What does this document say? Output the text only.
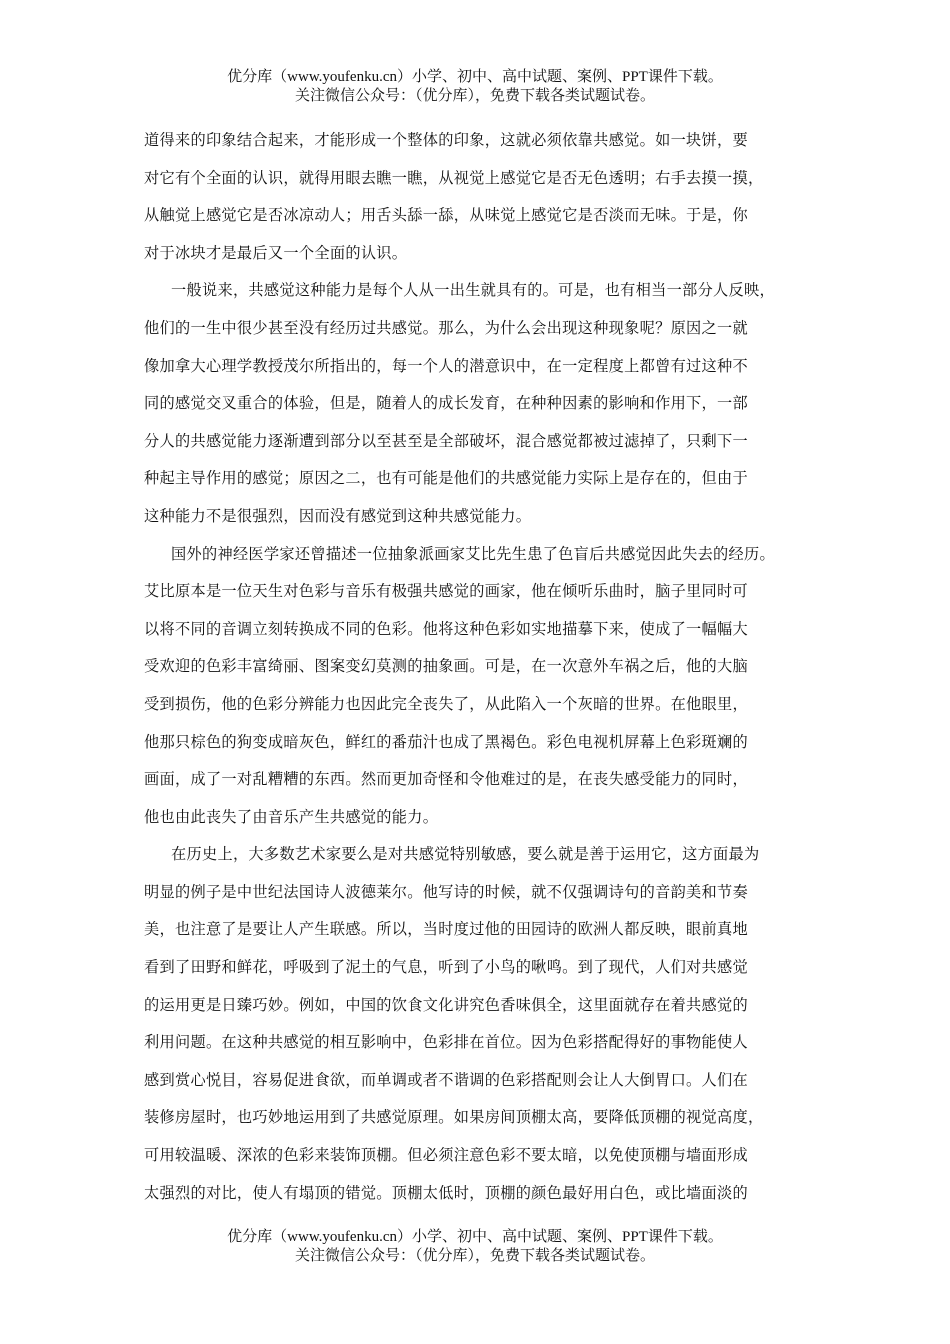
优分库（www.youfenku.cn）小学、初中、高中试题、案例、PPT课件下载。
关注微信公众号：（优分库），免费下载各类试题试卷。
道得来的印象结合起来，才能形成一个整体的印象，这就必须依靠共感觉。如一块饼，要
对它有个全面的认识，就得用眼去瞧一瞧，从视觉上感觉它是否无色透明；右手去摸一摸，
从触觉上感觉它是否冰凉动人；用舌头舔一舔，从味觉上感觉它是否淡而无味。于是，你
对于冰块才是最后又一个全面的认识。
一般说来，共感觉这种能力是每个人从一出生就具有的。可是，也有相当一部分人反映，
他们的一生中很少甚至没有经历过共感觉。那么，为什么会出现这种现象呢？原因之一就
像加拿大心理学教授茂尔所指出的，每一个人的潜意识中，在一定程度上都曾有过这种不
同的感觉交叉重合的体验，但是，随着人的成长发育，在种种因素的影响和作用下，一部
分人的共感觉能力逐渐遭到部分以至甚至是全部破坏，混合感觉都被过滤掉了，只剩下一
种起主导作用的感觉；原因之二，也有可能是他们的共感觉能力实际上是存在的，但由于
这种能力不是很强烈，因而没有感觉到这种共感觉能力。
国外的神经医学家还曾描述一位抽象派画家艾比先生患了色盲后共感觉因此失去的经历。
艾比原本是一位天生对色彩与音乐有极强共感觉的画家，他在倾听乐曲时，脑子里同时可
以将不同的音调立刻转换成不同的色彩。他将这种色彩如实地描摹下来，使成了一幅幅大
受欢迎的色彩丰富绮丽、图案变幻莫测的抽象画。可是，在一次意外车祸之后，他的大脑
受到损伤，他的色彩分辨能力也因此完全丧失了，从此陷入一个灰暗的世界。在他眼里，
他那只棕色的狗变成暗灰色，鲜红的番茄汁也成了黑褐色。彩色电视机屏幕上色彩斑斓的
画面，成了一对乱糟糟的东西。然而更加奇怪和令他难过的是，在丧失感受能力的同时，
他也由此丧失了由音乐产生共感觉的能力。
在历史上，大多数艺术家要么是对共感觉特别敏感，要么就是善于运用它，这方面最为
明显的例子是中世纪法国诗人波德莱尔。他写诗的时候，就不仅强调诗句的音韵美和节奏
美，也注意了是要让人产生联感。所以，当时度过他的田园诗的欧洲人都反映，眼前真地
看到了田野和鲜花，呼吸到了泥土的气息，听到了小鸟的啾鸣。到了现代，人们对共感觉
的运用更是日臻巧妙。例如，中国的饮食文化讲究色香味俱全，这里面就存在着共感觉的
利用问题。在这种共感觉的相互影响中，色彩排在首位。因为色彩搭配得好的事物能使人
感到赏心悦目，容易促进食欲，而单调或者不谐调的色彩搭配则会让人大倒胃口。人们在
装修房屋时，也巧妙地运用到了共感觉原理。如果房间顶棚太高，要降低顶棚的视觉高度，
可用较温暖、深浓的色彩来装饰顶棚。但必须注意色彩不要太暗，以免使顶棚与墙面形成
太强烈的对比，使人有塌顶的错觉。顶棚太低时，顶棚的颜色最好用白色，或比墙面淡的
优分库（www.youfenku.cn）小学、初中、高中试题、案例、PPT课件下载。
关注微信公众号：（优分库），免费下载各类试题试卷。
